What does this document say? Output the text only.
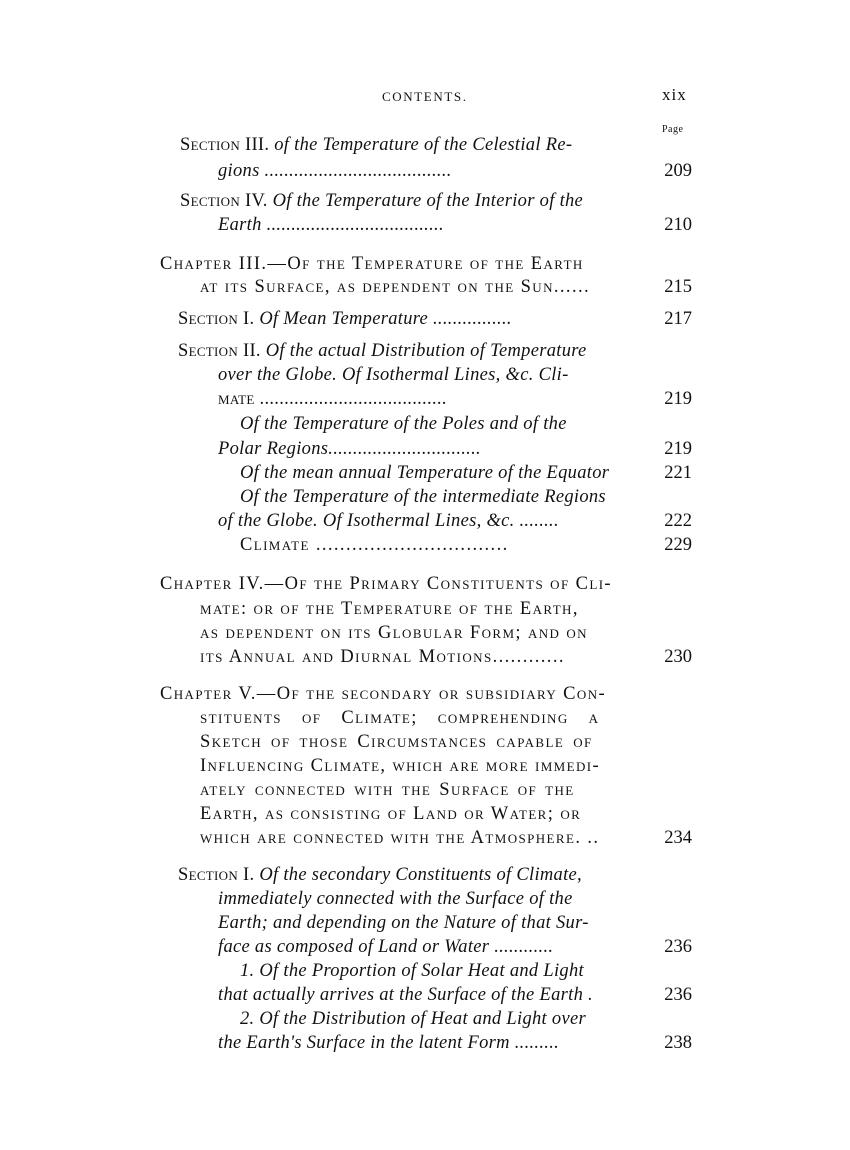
CONTENTS.	xix
Page
Section III. of the Temperature of the Celestial Re-
gions ......................................	209
Section IV. Of the Temperature of the Interior of the
Earth ....................................	210
Chapter III.—Of the Temperature of the Earth
at its Surface, as dependent on the Sun......	215
Section I. Of Mean Temperature ................	217
Section II. Of the actual Distribution of Temperature
over the Globe. Of Isothermal Lines, &c. Cli-
mate ......................................	219
Of the Temperature of the Poles and of the
Polar Regions...............................	219
Of the mean annual Temperature of the Equator	221
Of the Temperature of the intermediate Regions
of the Globe. Of Isothermal Lines, &c. ........	222
Climate ................................	229
Chapter IV.—Of the Primary Constituents of Cli-
mate: or of the Temperature of the Earth,
as dependent on its Globular Form; and on
its Annual and Diurnal Motions............	230
Chapter V.—Of the secondary or subsidiary Con-
stituents of Climate; comprehending a
Sketch of those Circumstances capable of
Influencing Climate, which are more immedi-
ately connected with the Surface of the
Earth, as consisting of Land or Water; or
which are connected with the Atmosphere. ..	234
Section I. Of the secondary Constituents of Climate,
immediately connected with the Surface of the
Earth; and depending on the Nature of that Sur-
face as composed of Land or Water ............	236
1. Of the Proportion of Solar Heat and Light
that actually arrives at the Surface of the Earth .	236
2. Of the Distribution of Heat and Light over
the Earth's Surface in the latent Form .........	238
